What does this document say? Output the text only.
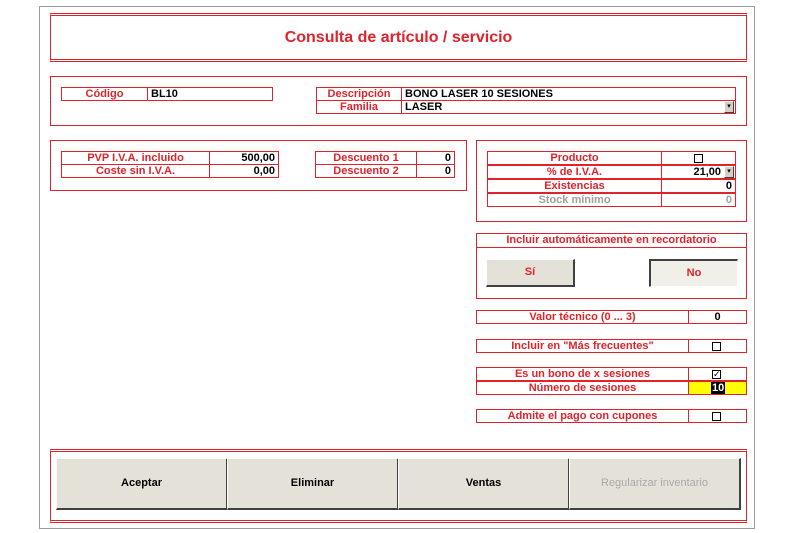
Consulta de artículo / servicio
Código	BL10	Descripción	BONO LASER 10 SESIONES
Familia	LASER	▾
PVP I.V.A. incluido	500,00
Coste sin I.V.A.	0,00
Descuento 1	0
Descuento 2	0
Producto
% de I.V.A.	21,00 ▾
Existencias	0
Stock mínimo	0
Incluir automáticamente en recordatorio
Sí	No
Valor técnico (0 ... 3)	0
Incluir en "Más frecuentes"
Es un bono de x sesiones	✓
Número de sesiones	10
Admite el pago con cupones
Aceptar	Eliminar	Ventas	Regularizar inventario
